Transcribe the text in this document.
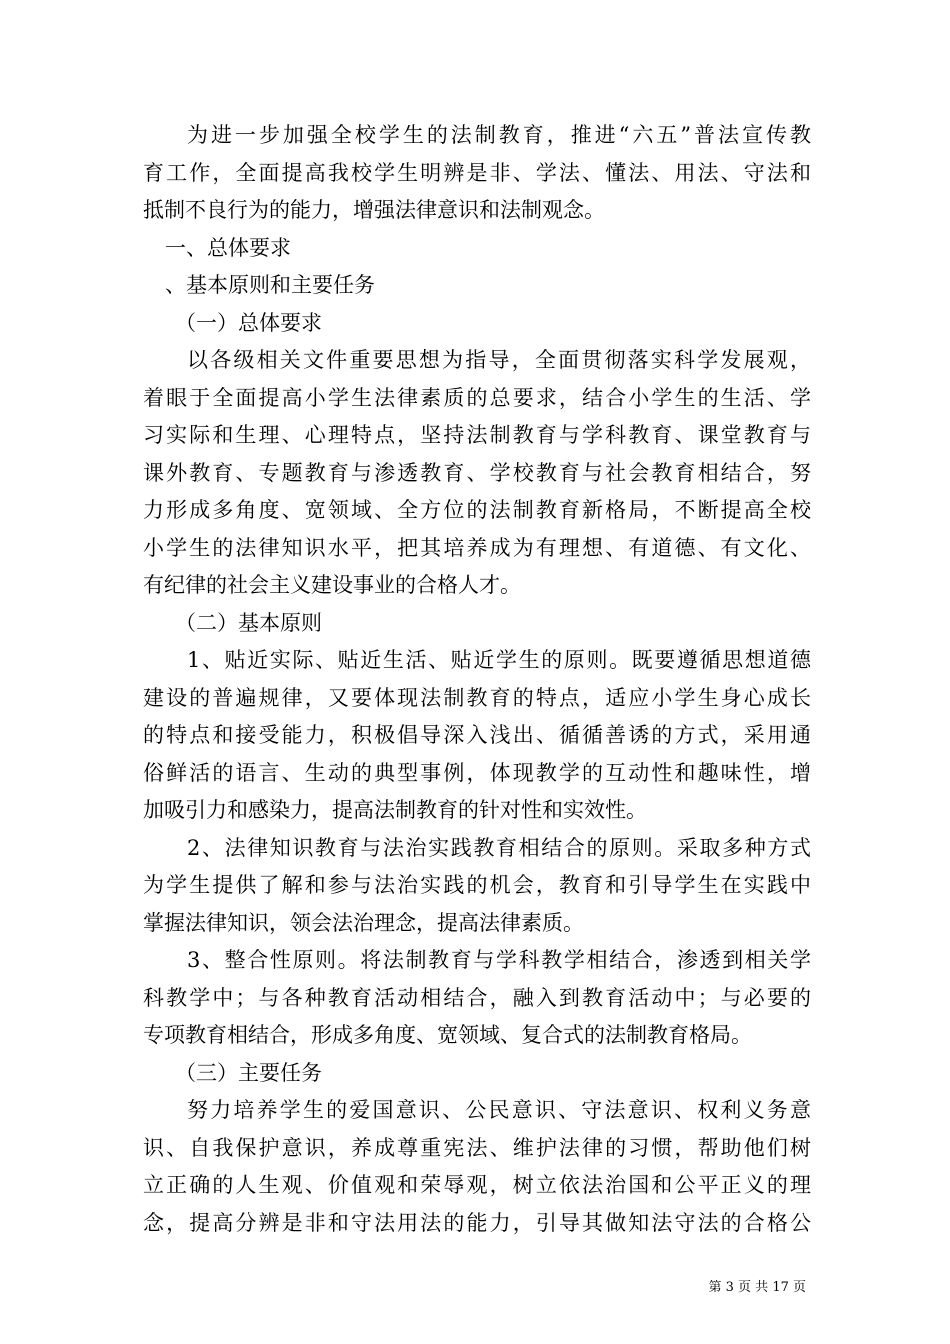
为进一步加强全校学生的法制教育，推进“六五”普法宣传教
育工作，全面提高我校学生明辨是非、学法、懂法、用法、守法和
抵制不良行为的能力，增强法律意识和法制观念。
一、总体要求
、基本原则和主要任务
（一）总体要求
以各级相关文件重要思想为指导，全面贯彻落实科学发展观，
着眼于全面提高小学生法律素质的总要求，结合小学生的生活、学
习实际和生理、心理特点，坚持法制教育与学科教育、课堂教育与
课外教育、专题教育与渗透教育、学校教育与社会教育相结合，努
力形成多角度、宽领域、全方位的法制教育新格局，不断提高全校
小学生的法律知识水平，把其培养成为有理想、有道德、有文化、
有纪律的社会主义建设事业的合格人才。
（二）基本原则
1、贴近实际、贴近生活、贴近学生的原则。既要遵循思想道德
建设的普遍规律，又要体现法制教育的特点，适应小学生身心成长
的特点和接受能力，积极倡导深入浅出、循循善诱的方式，采用通
俗鲜活的语言、生动的典型事例，体现教学的互动性和趣味性，增
加吸引力和感染力，提高法制教育的针对性和实效性。
2、法律知识教育与法治实践教育相结合的原则。采取多种方式
为学生提供了解和参与法治实践的机会，教育和引导学生在实践中
掌握法律知识，领会法治理念，提高法律素质。
3、整合性原则。将法制教育与学科教学相结合，渗透到相关学
科教学中；与各种教育活动相结合，融入到教育活动中；与必要的
专项教育相结合，形成多角度、宽领域、复合式的法制教育格局。
（三）主要任务
努力培养学生的爱国意识、公民意识、守法意识、权利义务意
识、自我保护意识，养成尊重宪法、维护法律的习惯，帮助他们树
立正确的人生观、价值观和荣辱观，树立依法治国和公平正义的理
念，提高分辨是非和守法用法的能力，引导其做知法守法的合格公
第 3 页 共 17 页
